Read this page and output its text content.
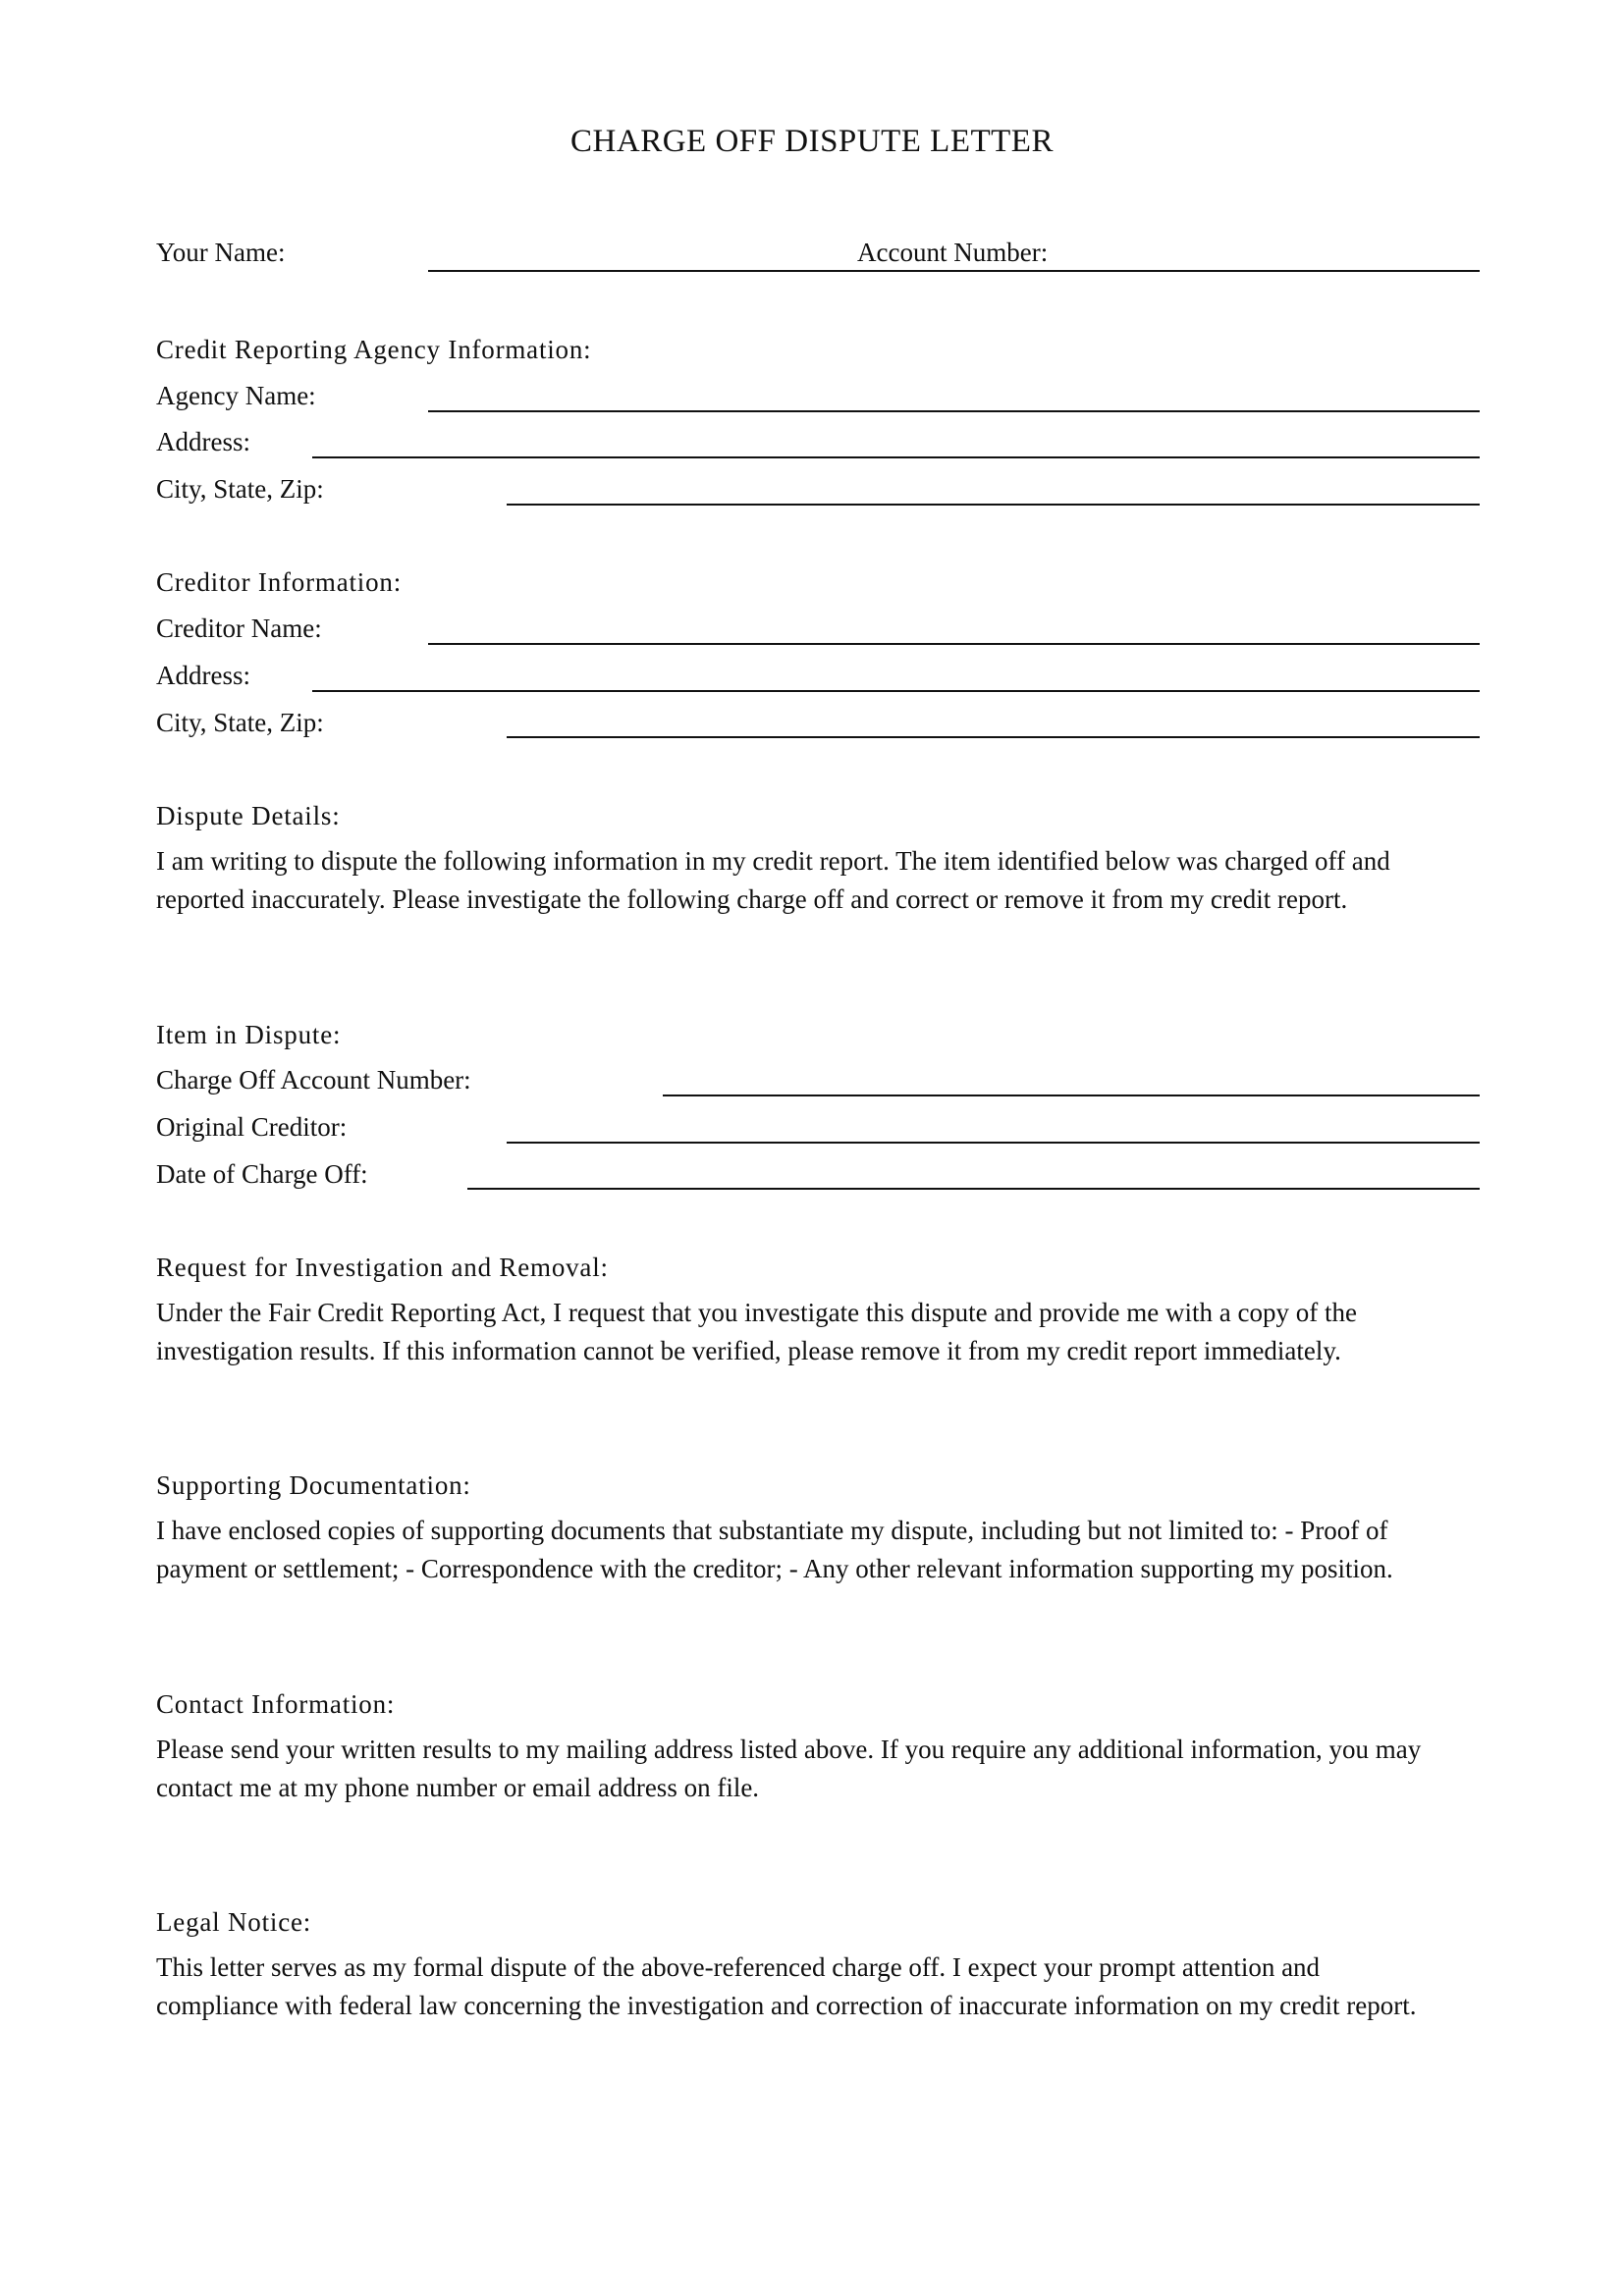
CHARGE OFF DISPUTE LETTER
Your Name:	Account Number:
Credit Reporting Agency Information:
Agency Name:
Address:
City, State, Zip:
Creditor Information:
Creditor Name:
Address:
City, State, Zip:
Dispute Details:

I am writing to dispute the following information in my credit report. The item identified below was charged off and

reported inaccurately. Please investigate the following charge off and correct or remove it from my credit report.

Item in Dispute:
Charge Off Account Number:
Original Creditor:
Date of Charge Off:
Request for Investigation and Removal:

Under the Fair Credit Reporting Act, I request that you investigate this dispute and provide me with a copy of the

investigation results. If this information cannot be verified, please remove it from my credit report immediately.

Supporting Documentation:

I have enclosed copies of supporting documents that substantiate my dispute, including but not limited to: - Proof of

payment or settlement; - Correspondence with the creditor; - Any other relevant information supporting my position.

Contact Information:

Please send your written results to my mailing address listed above. If you require any additional information, you may

contact me at my phone number or email address on file.

Legal Notice:

This letter serves as my formal dispute of the above-referenced charge off. I expect your prompt attention and

compliance with federal law concerning the investigation and correction of inaccurate information on my credit report.
